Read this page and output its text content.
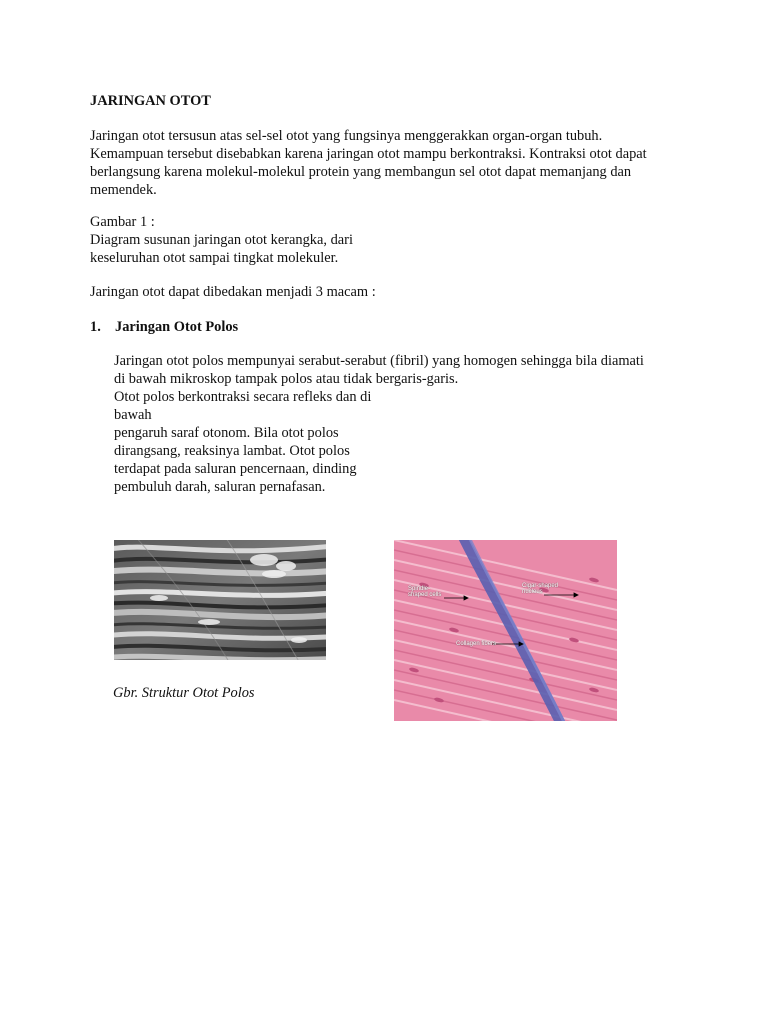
JARINGAN OTOT
Jaringan otot tersusun atas sel-sel otot yang fungsinya menggerakkan organ-organ tubuh.
Kemampuan tersebut disebabkan karena jaringan otot mampu berkontraksi. Kontraksi otot dapat
berlangsung karena molekul-molekul protein yang membangun sel otot dapat memanjang dan
memendek.
Gambar 1 :
Diagram susunan jaringan otot kerangka, dari
keseluruhan otot sampai tingkat molekuler.
Jaringan otot dapat dibedakan menjadi 3 macam :
1. Jaringan Otot Polos
Jaringan otot polos mempunyai serabut-serabut (fibril) yang homogen sehingga bila diamati
di bawah mikroskop tampak polos atau tidak bergaris-garis.
Otot polos berkontraksi secara refleks dan di
bawah
pengaruh saraf otonom. Bila otot polos
dirangsang, reaksinya lambat. Otot polos
terdapat pada saluran pencernaan, dinding
pembuluh darah, saluran pernafasan.
Spindle-shaped cells
Cigar-shaped nucleus
Collagen fibers
Gbr. Struktur Otot Polos
